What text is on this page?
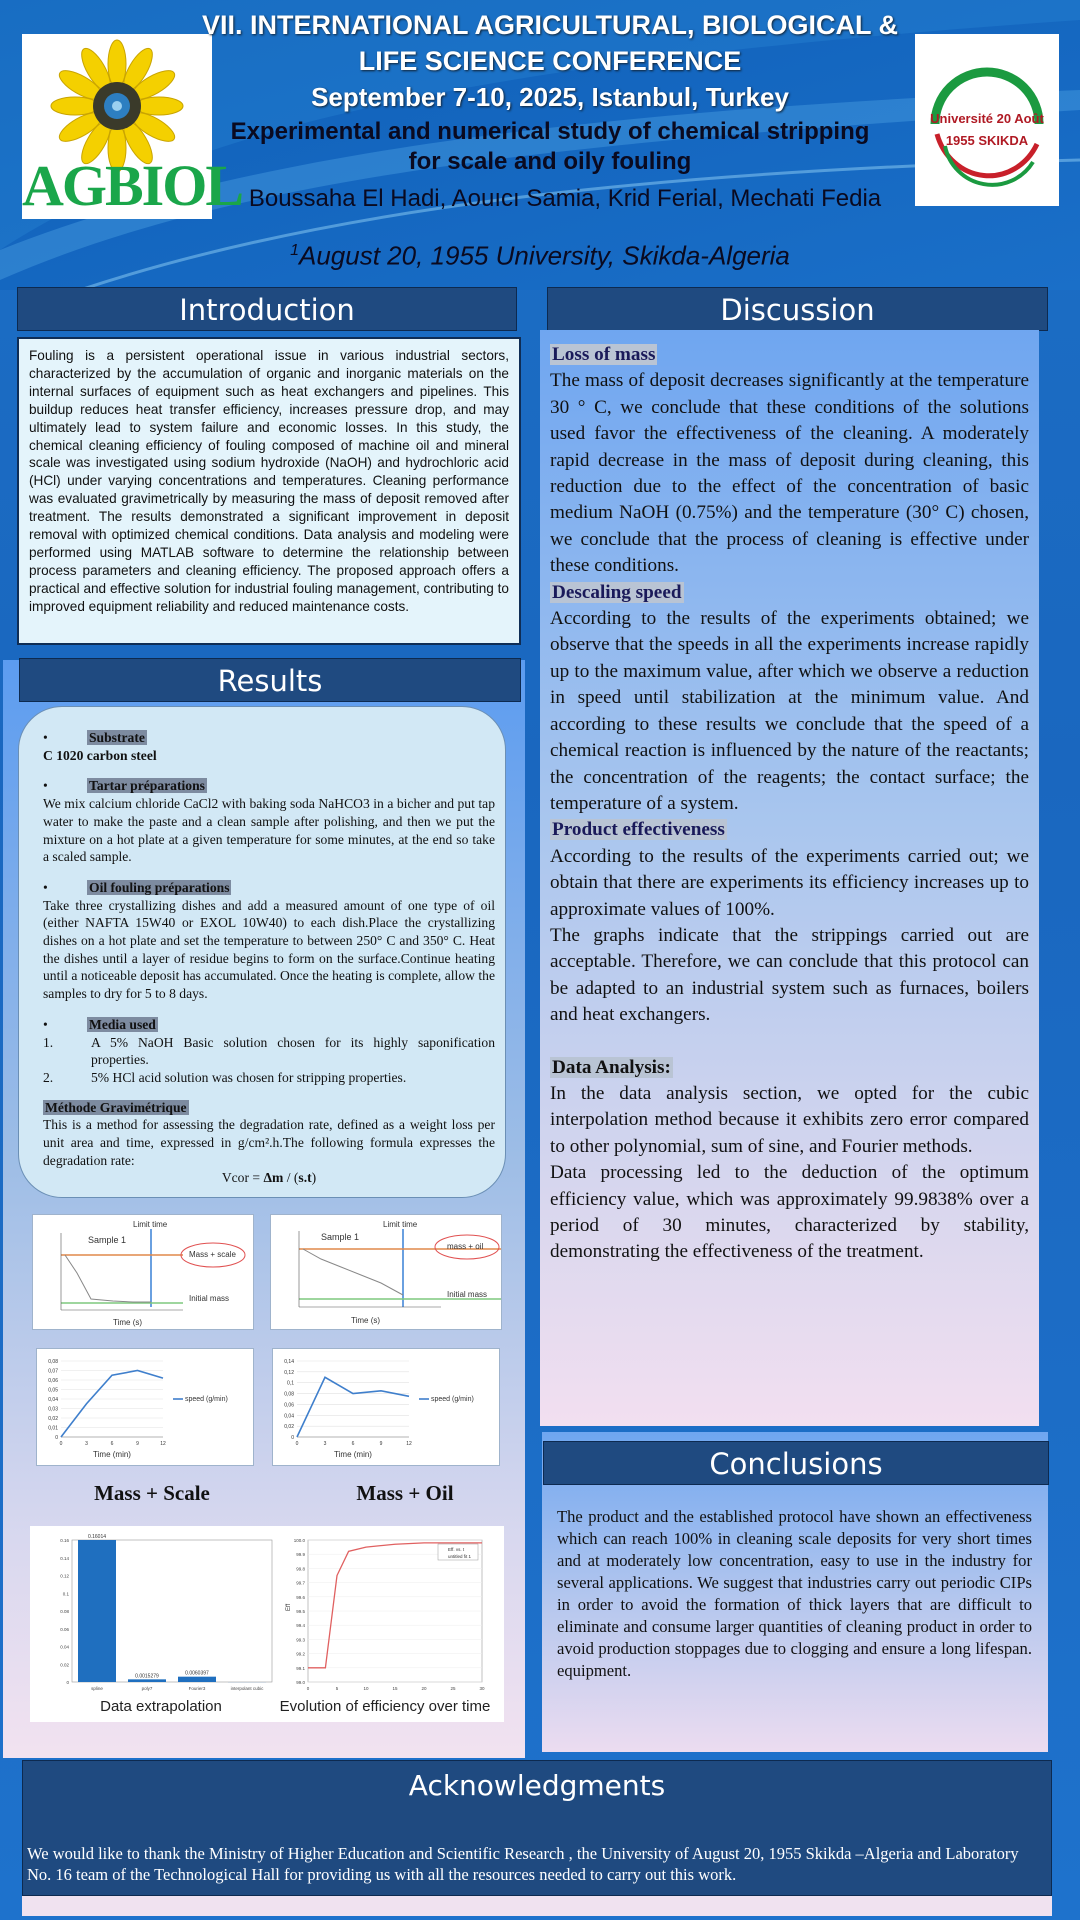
AGBIOL
Université 20 Août 1955 SKIKDA
VII. INTERNATIONAL AGRICULTURAL, BIOLOGICAL &
LIFE SCIENCE CONFERENCE
September 7-10, 2025, Istanbul, Turkey
Experimental and numerical study of chemical stripping
for scale and oily fouling
Boussaha El Hadi, Aouıcı Samia, Krid Ferial, Mechati Fedia
$^1$August 20, 1955 University, Skikda-Algeria
Introduction

Fouling is a persistent operational issue in various industrial sectors, characterized by the accumulation of organic and inorganic materials on the internal surfaces of equipment such as heat exchangers and pipelines. This buildup reduces heat transfer efficiency, increases pressure drop, and may ultimately lead to system failure and economic losses. In this study, the chemical cleaning efficiency of fouling composed of machine oil and mineral scale was investigated using sodium hydroxide (NaOH) and hydrochloric acid (HCl) under varying concentrations and temperatures. Cleaning performance was evaluated gravimetrically by measuring the mass of deposit removed after treatment. The results demonstrated a significant improvement in deposit removal with optimized chemical conditions. Data analysis and modeling were performed using MATLAB software to determine the relationship between process parameters and cleaning efficiency. The proposed approach offers a practical and effective solution for industrial fouling management, contributing to improved equipment reliability and reduced maintenance costs.

Results
•	Substrate
C 1020 carbon steel
•	Tartar préparations
We mix calcium chloride CaCl2 with baking soda NaHCO3 in a bicher and put tap water to make the paste and a clean sample after polishing, and then we put the mixture on a hot plate at a given temperature for some minutes, at the end so take a scaled sample.
•	Oil fouling préparations
Take three crystallizing dishes and add a measured amount of one type of oil (either NAFTA 15W40 or EXOL 10W40) to each dish.Place the crystallizing dishes on a hot plate and set the temperature to between 250° C and 350° C. Heat the dishes until a layer of residue begins to form on the surface.Continue heating until a noticeable deposit has accumulated. Once the heating is complete, allow the samples to dry for 5 to 8 days.
•	Media used
1.	A 5% NaOH Basic solution chosen for its highly saponification properties.
2.	5% HCl acid solution was chosen for stripping properties.
Méthode Gravimétrique
This is a method for assessing the degradation rate, defined as a weight loss per unit area and time, expressed in g/cm².h.The following formula expresses the degradation rate:
Vcor = Δm / (s.t)
Limit time
Sample 1
Mass + scale
Initial mass
Time (s)
Limit time
Sample 1
mass + oil
Initial mass
Time (s)
0
0,01
0,02
0,03
0,04
0,05
0,06
0,07
0,08
0	3	6	9	12
speed (g/min)
Time (min)
0
0,02
0,04
0,06
0,08
0,1
0,12
0,14
0	3	6	9	12
speed (g/min)
Time (min)
Mass + Scale	Mass + Oil
0
0.02
0.04
0.06
0.08
0.1
0.12
0.14
0.16
0.16014
spline
0.0015279
poly7
0.0060397
Fourier3	interpolant cubic
99.0
99.1
99.2
99.3
99.4
99.5
99.6
99.7
99.8
99.9
100.0
0	5	10	15	20	25	30
Eff. vs. t
untitled fit 1
Eff
Data extrapolation	Evolution of efficiency over time
Discussion
Loss of mass
The mass of deposit decreases significantly at the temperature 30 ° C, we conclude that these conditions of the solutions used favor the effectiveness of the cleaning. A moderately rapid decrease in the mass of deposit during cleaning, this reduction due to the effect of the concentration of basic medium NaOH (0.75%) and the temperature (30° C) chosen, we conclude that the process of cleaning is effective under these conditions.
Descaling speed
According to the results of the experiments obtained; we observe that the speeds in all the experiments increase rapidly up to the maximum value, after which we observe a reduction in speed until stabilization at the minimum value. And according to these results we conclude that the speed of a chemical reaction is influenced by the nature of the reactants; the concentration of the reagents; the contact surface; the temperature of a system.
Product effectiveness
According to the results of the experiments carried out; we obtain that there are experiments its efficiency increases up to approximate values of 100%.
The graphs indicate that the strippings carried out are acceptable. Therefore, we can conclude that this protocol can be adapted to an industrial system such as furnaces, boilers and heat exchangers.
Data Analysis:
In the data analysis section, we opted for the cubic interpolation method because it exhibits zero error compared to other polynomial, sum of sine, and Fourier methods.
Data processing led to the deduction of the optimum efficiency value, which was approximately 99.9838% over a period of 30 minutes, characterized by stability, demonstrating the effectiveness of the treatment.
Conclusions

The product and the established protocol have shown an effectiveness which can reach 100% in cleaning scale deposits for very short times and at moderately low concentration, easy to use in the industry for several applications. We suggest that industries carry out periodic CIPs in order to avoid the formation of thick layers that are difficult to eliminate and consume larger quantities of cleaning product in order to avoid production stoppages due to clogging and ensure a long lifespan. equipment.

Acknowledgments

We would like to thank the Ministry of Higher Education and Scientific Research , the University of August 20, 1955 Skikda –Algeria and Laboratory No. 16 team of the Technological Hall for providing us with all the resources needed to carry out this work.
